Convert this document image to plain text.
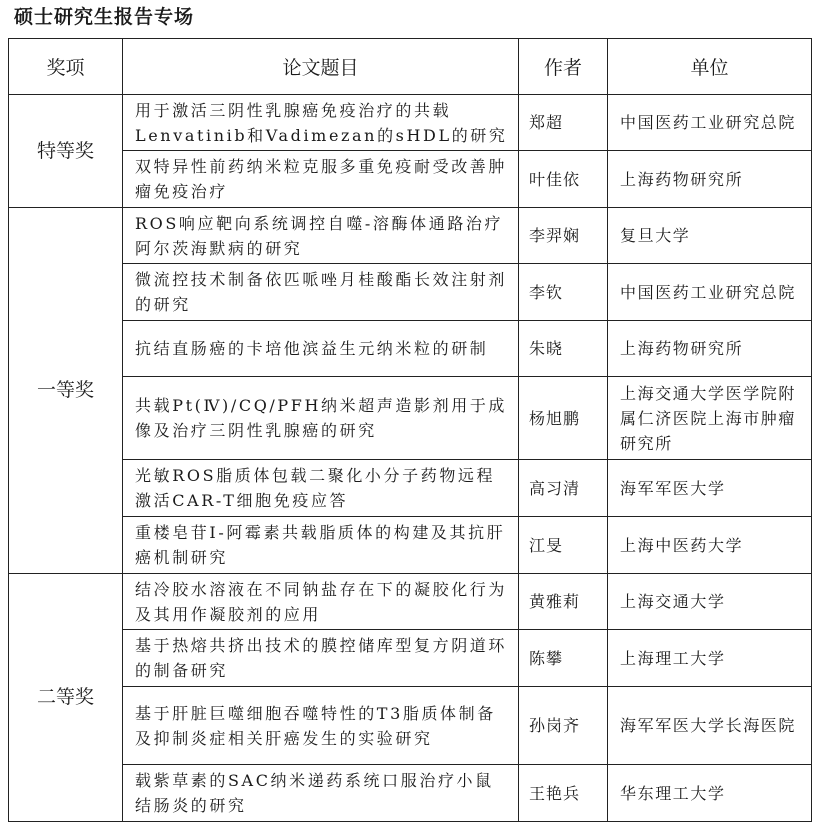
硕士研究生报告专场
奖项	论文题目	作者	单位
特等奖	用于激活三阴性乳腺癌免疫治疗的共载Lenvatinib和Vadimezan的sHDL的研究	郑超	中国医药工业研究总院
	双特异性前药纳米粒克服多重免疫耐受改善肿瘤免疫治疗	叶佳依	上海药物研究所
一等奖	ROS响应靶向系统调控自噬-溶酶体通路治疗阿尔茨海默病的研究	李羿娴	复旦大学
	微流控技术制备依匹哌唑月桂酸酯长效注射剂的研究	李钦	中国医药工业研究总院
	抗结直肠癌的卡培他滨益生元纳米粒的研制	朱晓	上海药物研究所
	共载Pt(Ⅳ)/CQ/PFH纳米超声造影剂用于成像及治疗三阴性乳腺癌的研究	杨旭鹏	上海交通大学医学院附属仁济医院上海市肿瘤研究所
	光敏ROS脂质体包载二聚化小分子药物远程激活CAR-T细胞免疫应答	高习清	海军军医大学
	重楼皂苷Ⅰ-阿霉素共载脂质体的构建及其抗肝癌机制研究	江旻	上海中医药大学
二等奖	结冷胶水溶液在不同钠盐存在下的凝胶化行为及其用作凝胶剂的应用	黄雅莉	上海交通大学
	基于热熔共挤出技术的膜控储库型复方阴道环的制备研究	陈攀	上海理工大学
	基于肝脏巨噬细胞吞噬特性的T3脂质体制备及抑制炎症相关肝癌发生的实验研究	孙岗齐	海军军医大学长海医院
	载紫草素的SAC纳米递药系统口服治疗小鼠结肠炎的研究	王艳兵	华东理工大学
